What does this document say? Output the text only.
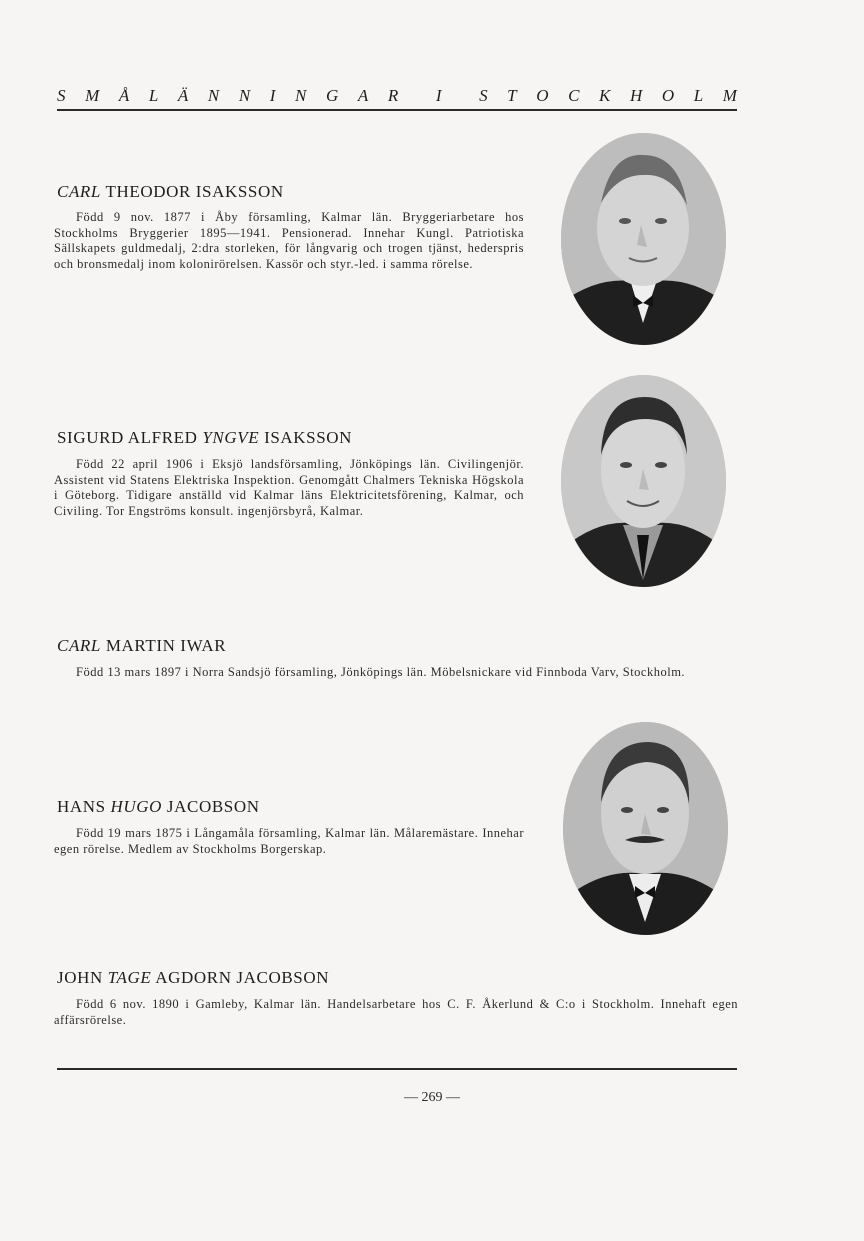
S M Å L Ä N N I N G A R I S T O C K H O L M
CARL THEODOR ISAKSSON
Född 9 nov. 1877 i Åby församling, Kalmar län. Bryggeriarbetare hos Stockholms Bryggerier 1895—1941. Pensionerad. Innehar Kungl. Patriotiska Sällskapets guldmedalj, 2:dra storleken, för långvarig och trogen tjänst, hederspris och bronsmedalj inom kolonirörelsen. Kassör och styr.-led. i samma rörelse.
SIGURD ALFRED YNGVE ISAKSSON
Född 22 april 1906 i Eksjö landsförsamling, Jönköpings län. Civilingenjör. Assistent vid Statens Elektriska Inspektion. Genomgått Chalmers Tekniska Högskola i Göteborg. Tidigare anställd vid Kalmar läns Elektricitetsförening, Kalmar, och Civiling. Tor Engströms konsult. ingenjörsbyrå, Kalmar.
CARL MARTIN IWAR
Född 13 mars 1897 i Norra Sandsjö församling, Jönköpings län. Möbelsnickare vid Finnboda Varv, Stockholm.
HANS HUGO JACOBSON
Född 19 mars 1875 i Långamåla församling, Kalmar län. Målaremästare. Innehar egen rörelse. Medlem av Stockholms Borgerskap.
JOHN TAGE AGDORN JACOBSON
Född 6 nov. 1890 i Gamleby, Kalmar län. Handelsarbetare hos C. F. Åkerlund & C:o i Stockholm. Innehaft egen affärsrörelse.
— 269 —
